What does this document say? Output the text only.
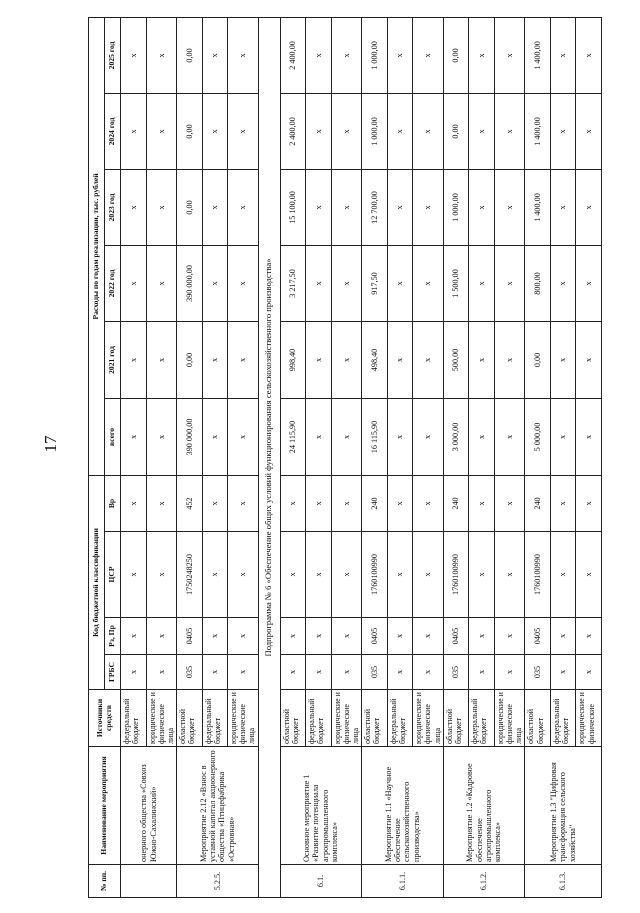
17
№ пп.	Наименование мероприятия	Источники средств	Код бюджетной классификации				Расходы по годам реализации, тыс. рублей					
			ГРБС	Рз, Пр	ЦСР	Вр	всего	2021 год	2022 год	2023 год	2024 год	2025 год
	онерного общества «Совхоз Южно-Сахалинский»	федеральный бюджет	х	х	х	х	х	х	х	х	х	х
		юридические и физические лица	х	х	х	х	х	х	х	х	х	х
5.2.5.	Мероприятие 2.12 «Взнос в уставной капитал акционерного общества «Птицефабрика «Островная»	областной бюджет	035	0405	1750248250	452	390 000,00	0,00	390 000,00	0,00	0,00	0,00
		федеральный бюджет	х	х	х	х	х	х	х	х	х	х
		юридические и физические лица	х	х	х	х	х	х	х	х	х	х
Подпрограмма № 6 «Обеспечение общих условий функционирования сельскохозяйственного производства»												
6.1.	Основное мероприятие 1 «Развитие потенциала агропромышленного комплекса»	областной бюджет	х	х	х	х	24 115,90	998,40	3 217,50	15 100,00	2 400,00	2 400,00
		федеральный бюджет	х	х	х	х	х	х	х	х	х	х
		юридические и физические лица	х	х	х	х	х	х	х	х	х	х
6.1.1.	Мероприятие 1.1 «Научное обеспечение сельскохозяйственного производства»	областной бюджет	035	0405	1760100990	240	16 115,90	498,40	917,50	12 700,00	1 000,00	1 000,00
		федеральный бюджет	х	х	х	х	х	х	х	х	х	х
		юридические и физические лица	х	х	х	х	х	х	х	х	х	х
6.1.2.	Мероприятие 1.2 «Кадровое обеспечение агропромышленного комплекса»	областной бюджет	035	0405	1760100990	240	3 000,00	500,00	1 500,00	1 000,00	0,00	0,00
		федеральный бюджет	х	х	х	х	х	х	х	х	х	х
		юридические и физические лица	х	х	х	х	х	х	х	х	х	х
6.1.3.	Мероприятие 1.3 "Цифровая трансформация сельского хозяйства"	областной бюджет	035	0405	1760100990	240	5 000,00	0,00	800,00	1 400,00	1 400,00	1 400,00
		федеральный бюджет	х	х	х	х	х	х	х	х	х	х
		юридические и физические	х	х	х	х	х	х	х	х	х	х
